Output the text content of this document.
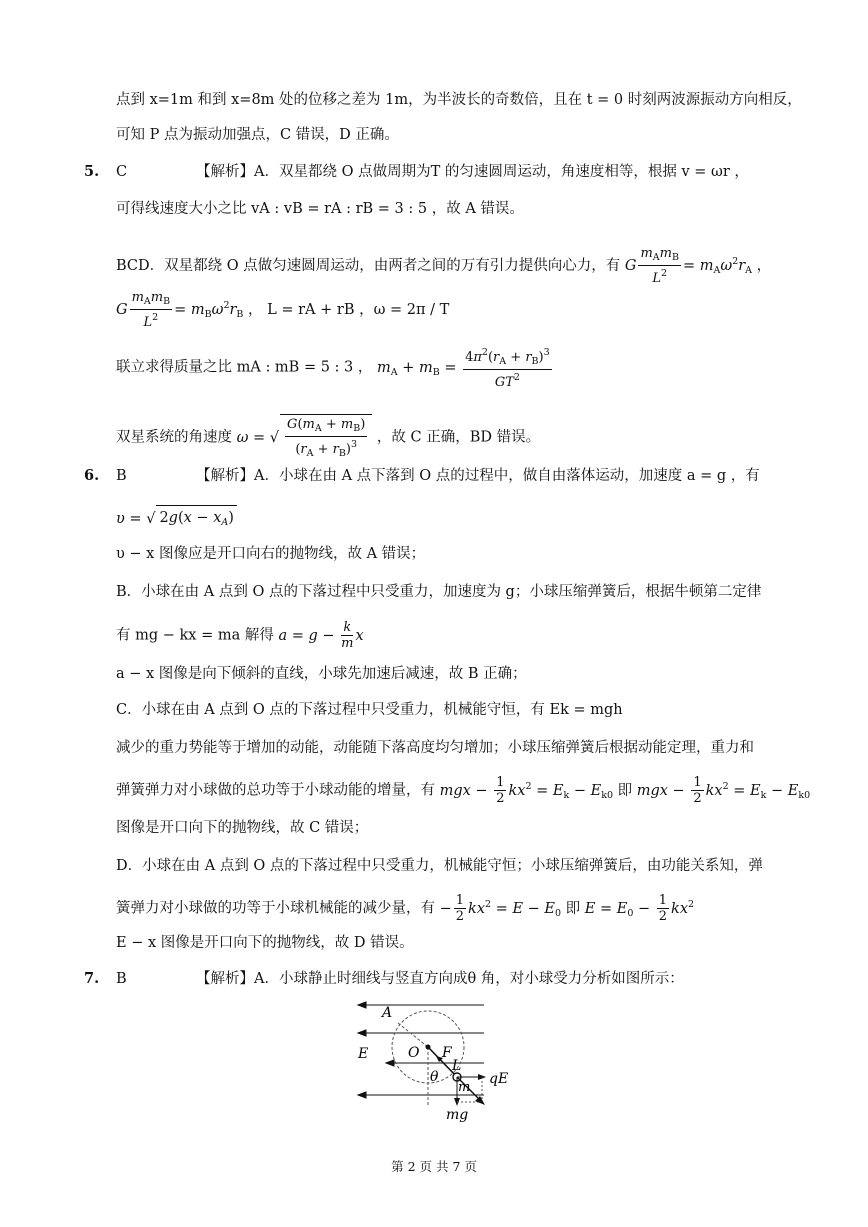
点到 x=1m 和到 x=8m 处的位移之差为 1m，为半波长的奇数倍，且在 t = 0 时刻两波源振动方向相反，
可知 P 点为振动加强点，C 错误，D 正确。
5. C	【解析】A．双星都绕 O 点做周期为T 的匀速圆周运动，角速度相等，根据 v = ωr ，
可得线速度大小之比 vA : vB = rA : rB = 3 : 5 ，故 A 错误。
BCD．双星都绕 O 点做匀速圆周运动，由两者之间的万有引力提供向心力，有 G $\frac{m_Am_B}{L^2} = m_A\omega^2r_A$ ，
G $\frac{m_Am_B}{L^2} = m_B\omega^2r_B$ ， L = rA + rB ，ω = 2π / T
联立求得质量之比 mA : mB = 5 : 3 ， $m_A + m_B = \frac{4\pi^2(r_A + r_B)^3}{GT^2}$
双星系统的角速度 ω = √ $\frac{G(m_A + m_B)}{(r_A + r_B)^3}$ ，故 C 正确，BD 错误。
6. B	【解析】A．小球在由 A 点下落到 O 点的过程中，做自由落体运动，加速度 a = g ，有
υ = √ $2g(x - x_A)$
υ − x 图像应是开口向右的抛物线，故 A 错误；
B．小球在由 A 点到 O 点的下落过程中只受重力，加速度为 g；小球压缩弹簧后，根据牛顿第二定律
有 mg − kx = ma 解得 $a = g - \frac{k}{m}$ x
a − x 图像是向下倾斜的直线，小球先加速后减速，故 B 正确；
C．小球在由 A 点到 O 点的下落过程中只受重力，机械能守恒，有 Ek = mgh
减少的重力势能等于增加的动能，动能随下落高度均匀增加；小球压缩弹簧后根据动能定理，重力和
弹簧弹力对小球做的总功等于小球动能的增量，有 mgx − $\frac{1}{2} kx^2 = E_k - E_{k0}$ 即 mgx − $\frac{1}{2} kx^2 = E_k - E_{k0}$
图像是开口向下的抛物线，故 C 错误；
D．小球在由 A 点到 O 点的下落过程中只受重力，机械能守恒；小球压缩弹簧后，由功能关系知，弹
簧弹力对小球做的功等于小球机械能的减少量，有 − $\frac{1}{2} kx^2 = E - E_0$ 即 $E = E_0 - \frac{1}{2} kx^2$
E − x 图像是开口向下的抛物线，故 D 错误。
7. B	【解析】A．小球静止时细线与竖直方向成θ 角，对小球受力分析如图所示：
A
E	O F
L
θ
m
qE
mg
第 2 页 共 7 页
